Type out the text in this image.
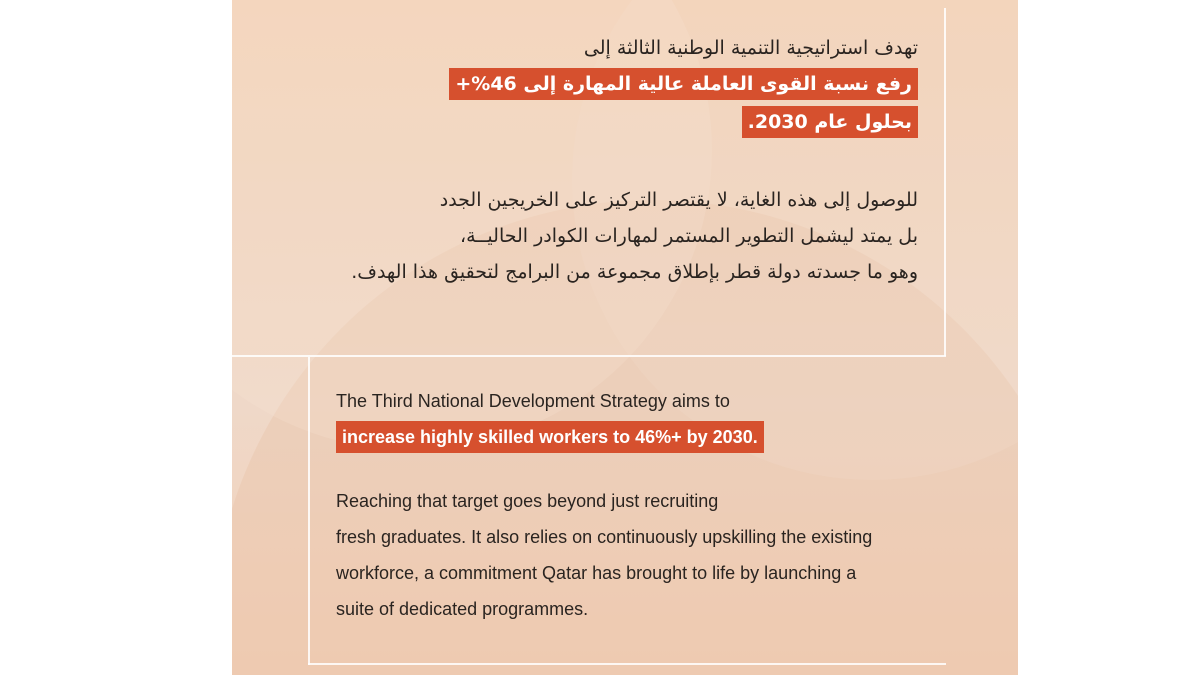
تهدف استراتيجية التنمية الوطنية الثالثة إلى
رفع نسبة القوى العاملة عالية المهارة إلى 46%+
بحلول عام 2030.
للوصول إلى هذه الغاية، لا يقتصر التركيز على الخريجين الجدد
بل يمتد ليشمل التطوير المستمر لمهارات الكوادر الحاليــة،
وهو ما جسدته دولة قطر بإطلاق مجموعة من البرامج لتحقيق هذا الهدف.
The Third National Development Strategy aims to
increase highly skilled workers to 46%+ by 2030.
Reaching that target goes beyond just recruiting
fresh graduates. It also relies on continuously upskilling the existing
workforce, a commitment Qatar has brought to life by launching a
suite of dedicated programmes.
